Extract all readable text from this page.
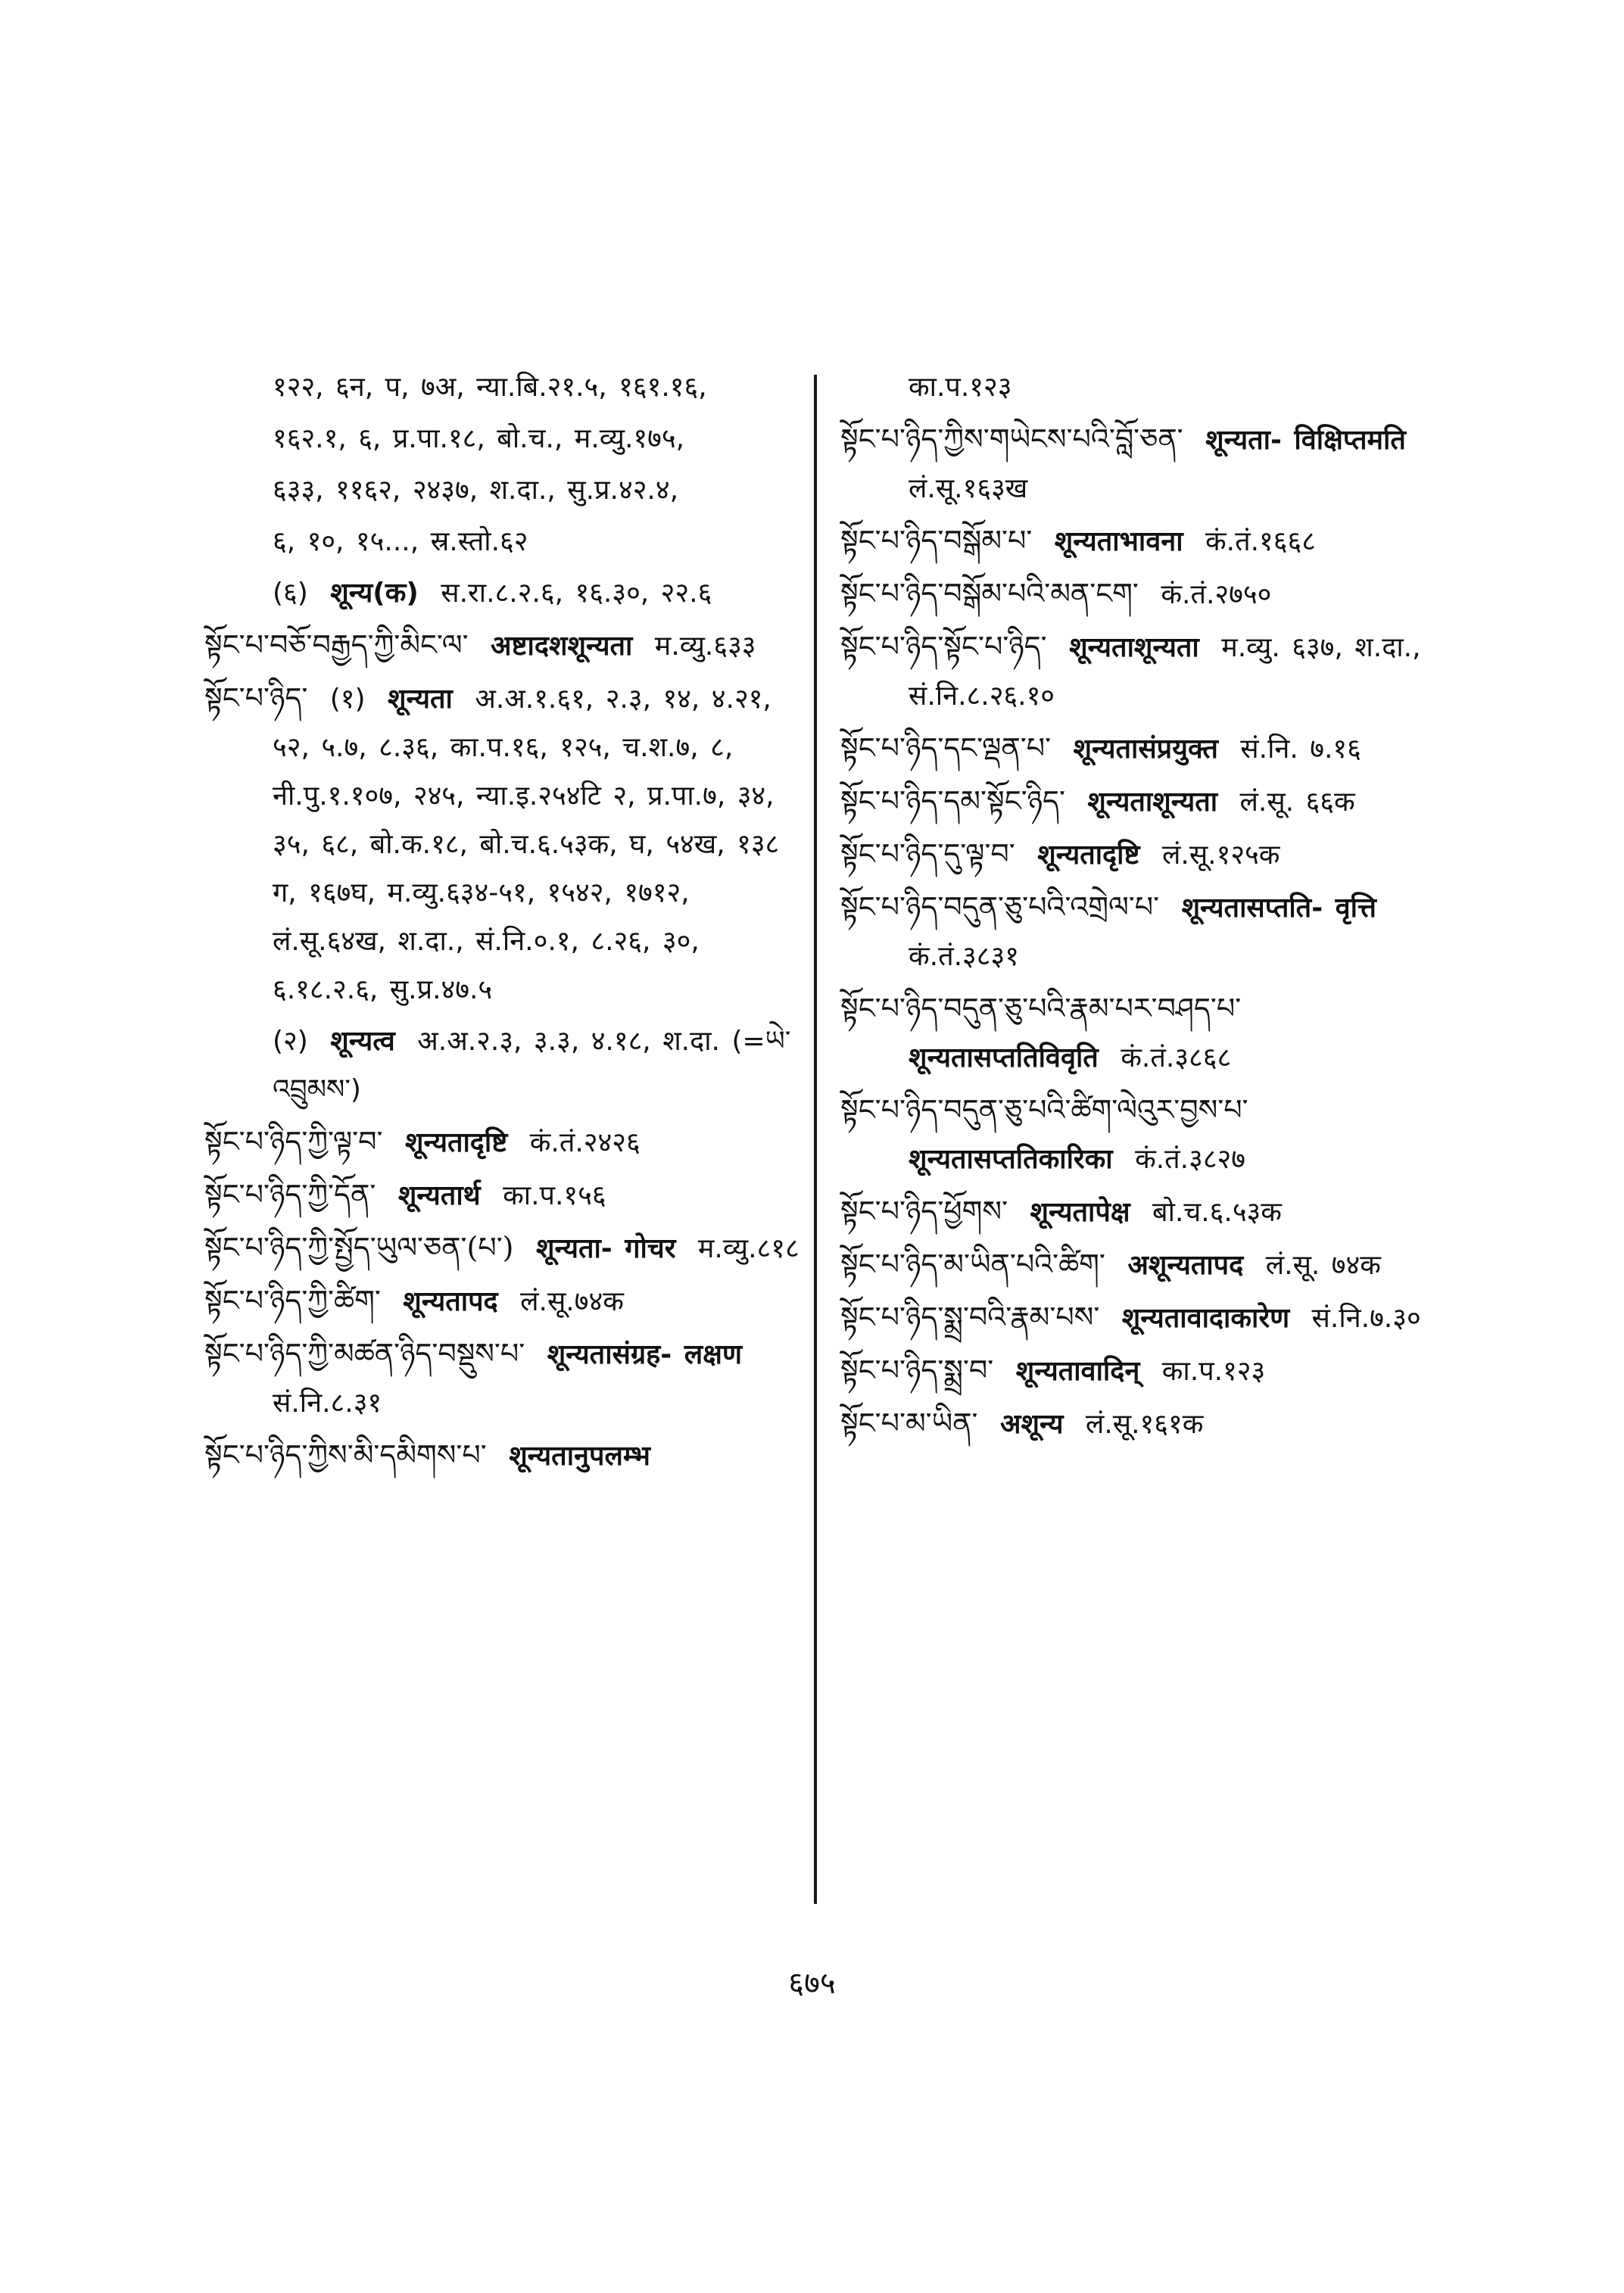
१२२, ६न, प, ७अ, न्या.बि.२१.५, १६१.१६,
१६२.१, ६, प्र.पा.१८, बो.च., म.व्यु.१७५,
६३३, ११६२, २४३७, श.दा., सु.प्र.४२.४,
६, १०, १५..., स्र.स्तो.६२
(६) शून्य(क) स.रा.८.२.६, १६.३०, २२.६
སྟོང་པ་བཅོ་བརྒྱད་ཀྱི་མིང་ལ་ अष्टादशशून्यता म.व्यु.६३३
སྟོང་པ་ཉིད་ (१) शून्यता अ.अ.१.६१, २.३, १४, ४.२१, ५२, ५.७, ८.३६, का.प.१६, १२५, च.श.७, ८, नी.पु.१.१०७, २४५, न्या.इ.२५४टि २, प्र.पा.७, ३४, ३५, ६८, बो.क.१८, बो.च.६.५३क, घ, ५४ख, १३८ ग, १६७घ, म.व्यु.६३४-५१, १५४२, १७१२, लं.सू.६४ख, श.दा., सं.नि.०.१, ८.२६, ३०, ६.१८.२.६, सु.प्र.४७.५
(२) शून्यत्व अ.अ.२.३, ३.३, ४.१८, श.दा. (=ཡེ་འབྲུམས་)
སྟོང་པ་ཉིད་ཀྱི་ལྟ་བ་ शून्यतादृष्टि कं.तं.२४२६
སྟོང་པ་ཉིད་ཀྱི་དོན་ शून्यतार्थ का.प.१५६
སྟོང་པ་ཉིད་ཀྱི་སྤྱོད་ཡུལ་ཅན་(པ་) शून्यता- गोचर म.व्यु.८१८
སྟོང་པ་ཉིད་ཀྱི་ཚིག་ शून्यतापद लं.सू.७४क
སྟོང་པ་ཉིད་ཀྱི་མཚན་ཉིད་བསྡུས་པ་ शून्यतासंग्रह- लक्षण सं.नि.८.३१
སྟོང་པ་ཉིད་ཀྱིས་མི་དམིགས་པ་ शून्यतानुपलम्भ
का.प.१२३
སྟོང་པ་ཉིད་ཀྱིས་གཡེངས་པའི་བློ་ཅན་ शून्यता- विक्षिप्तमति लं.सू.१६३ख
སྟོང་པ་ཉིད་བསྒོམ་པ་ शून्यताभावना कं.तं.१६६८
སྟོང་པ་ཉིད་བསྒོམ་པའི་མན་ངག་ कं.तं.२७५०
སྟོང་པ་ཉིད་སྟོང་པ་ཉིད་ शून्यताशून्यता म.व्यु. ६३७, श.दा., सं.नि.८.२६.१०
སྟོང་པ་ཉིད་དང་ལྡན་པ་ शून्यतासंप्रयुक्त सं.नि. ७.१६
སྟོང་པ་ཉིད་དམ་སྟོང་ཉིད་ शून्यताशून्यता लं.सू. ६६क
སྟོང་པ་ཉིད་དུ་ལྟ་བ་ शून्यतादृष्टि लं.सू.१२५क
སྟོང་པ་ཉིད་བདུན་ཅུ་པའི་འགྲེལ་པ་ शून्यतासप्तति- वृत्ति कं.तं.३८३१
སྟོང་པ་ཉིད་བདུན་ཅུ་པའི་རྣམ་པར་བཤད་པ་ शून्यतासप्ततिविवृति कं.तं.३८६८
སྟོང་པ་ཉིད་བདུན་ཅུ་པའི་ཚིག་ལེའུར་བྱས་པ་ शून्यतासप्ततिकारिका कं.तं.३८२७
སྟོང་པ་ཉིད་ཕྱོགས་ शून्यतापेक्ष बो.च.६.५३क
སྟོང་པ་ཉིད་མ་ཡིན་པའི་ཚིག་ अशून्यतापद लं.सू. ७४क
སྟོང་པ་ཉིད་སྨྲ་བའི་རྣམ་པས་ शून्यतावादाकारेण सं.नि.७.३०
སྟོང་པ་ཉིད་སྨྲ་བ་ शून्यतावादिन् का.प.१२३
སྟོང་པ་མ་ཡིན་ अशून्य लं.सू.१६१क
६७५
